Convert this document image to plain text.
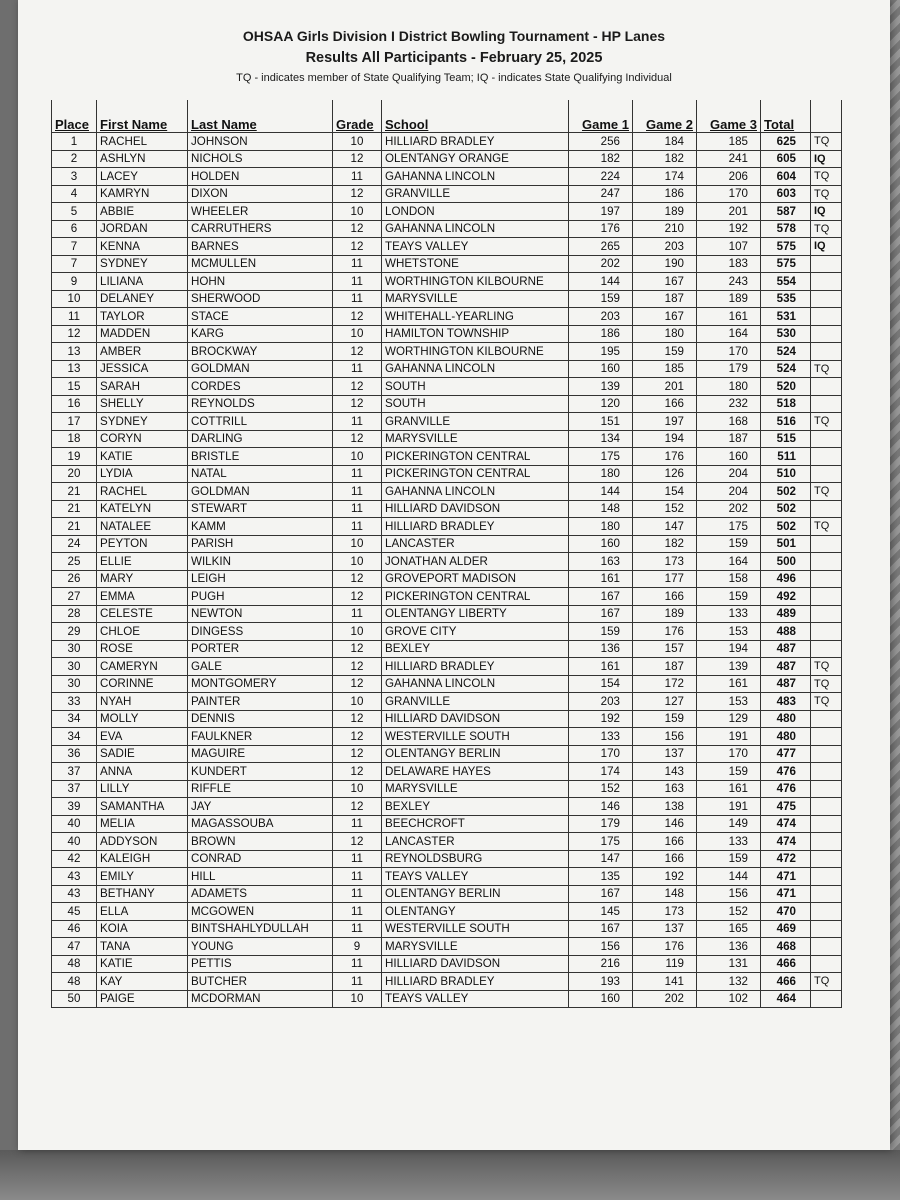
OHSAA Girls Division I District Bowling Tournament - HP Lanes
Results All Participants - February 25, 2025
TQ - indicates member of State Qualifying Team; IQ - indicates State Qualifying Individual
Place	First Name	Last Name	Grade	School	Game 1	Game 2	Game 3	Total	
1	RACHEL	JOHNSON	10	HILLIARD BRADLEY	256	184	185	625	TQ
2	ASHLYN	NICHOLS	12	OLENTANGY ORANGE	182	182	241	605	IQ
3	LACEY	HOLDEN	11	GAHANNA LINCOLN	224	174	206	604	TQ
4	KAMRYN	DIXON	12	GRANVILLE	247	186	170	603	TQ
5	ABBIE	WHEELER	10	LONDON	197	189	201	587	IQ
6	JORDAN	CARRUTHERS	12	GAHANNA LINCOLN	176	210	192	578	TQ
7	KENNA	BARNES	12	TEAYS VALLEY	265	203	107	575	IQ
7	SYDNEY	MCMULLEN	11	WHETSTONE	202	190	183	575	
9	LILIANA	HOHN	11	WORTHINGTON KILBOURNE	144	167	243	554	
10	DELANEY	SHERWOOD	11	MARYSVILLE	159	187	189	535	
11	TAYLOR	STACE	12	WHITEHALL-YEARLING	203	167	161	531	
12	MADDEN	KARG	10	HAMILTON TOWNSHIP	186	180	164	530	
13	AMBER	BROCKWAY	12	WORTHINGTON KILBOURNE	195	159	170	524	
13	JESSICA	GOLDMAN	11	GAHANNA LINCOLN	160	185	179	524	TQ
15	SARAH	CORDES	12	SOUTH	139	201	180	520	
16	SHELLY	REYNOLDS	12	SOUTH	120	166	232	518	
17	SYDNEY	COTTRILL	11	GRANVILLE	151	197	168	516	TQ
18	CORYN	DARLING	12	MARYSVILLE	134	194	187	515	
19	KATIE	BRISTLE	10	PICKERINGTON CENTRAL	175	176	160	511	
20	LYDIA	NATAL	11	PICKERINGTON CENTRAL	180	126	204	510	
21	RACHEL	GOLDMAN	11	GAHANNA LINCOLN	144	154	204	502	TQ
21	KATELYN	STEWART	11	HILLIARD DAVIDSON	148	152	202	502	
21	NATALEE	KAMM	11	HILLIARD BRADLEY	180	147	175	502	TQ
24	PEYTON	PARISH	10	LANCASTER	160	182	159	501	
25	ELLIE	WILKIN	10	JONATHAN ALDER	163	173	164	500	
26	MARY	LEIGH	12	GROVEPORT MADISON	161	177	158	496	
27	EMMA	PUGH	12	PICKERINGTON CENTRAL	167	166	159	492	
28	CELESTE	NEWTON	11	OLENTANGY LIBERTY	167	189	133	489	
29	CHLOE	DINGESS	10	GROVE CITY	159	176	153	488	
30	ROSE	PORTER	12	BEXLEY	136	157	194	487	
30	CAMERYN	GALE	12	HILLIARD BRADLEY	161	187	139	487	TQ
30	CORINNE	MONTGOMERY	12	GAHANNA LINCOLN	154	172	161	487	TQ
33	NYAH	PAINTER	10	GRANVILLE	203	127	153	483	TQ
34	MOLLY	DENNIS	12	HILLIARD DAVIDSON	192	159	129	480	
34	EVA	FAULKNER	12	WESTERVILLE SOUTH	133	156	191	480	
36	SADIE	MAGUIRE	12	OLENTANGY BERLIN	170	137	170	477	
37	ANNA	KUNDERT	12	DELAWARE HAYES	174	143	159	476	
37	LILLY	RIFFLE	10	MARYSVILLE	152	163	161	476	
39	SAMANTHA	JAY	12	BEXLEY	146	138	191	475	
40	MELIA	MAGASSOUBA	11	BEECHCROFT	179	146	149	474	
40	ADDYSON	BROWN	12	LANCASTER	175	166	133	474	
42	KALEIGH	CONRAD	11	REYNOLDSBURG	147	166	159	472	
43	EMILY	HILL	11	TEAYS VALLEY	135	192	144	471	
43	BETHANY	ADAMETS	11	OLENTANGY BERLIN	167	148	156	471	
45	ELLA	MCGOWEN	11	OLENTANGY	145	173	152	470	
46	KOIA	BINTSHAHLYDULLAH	11	WESTERVILLE SOUTH	167	137	165	469	
47	TANA	YOUNG	9	MARYSVILLE	156	176	136	468	
48	KATIE	PETTIS	11	HILLIARD DAVIDSON	216	119	131	466	
48	KAY	BUTCHER	11	HILLIARD BRADLEY	193	141	132	466	TQ
50	PAIGE	MCDORMAN	10	TEAYS VALLEY	160	202	102	464	
